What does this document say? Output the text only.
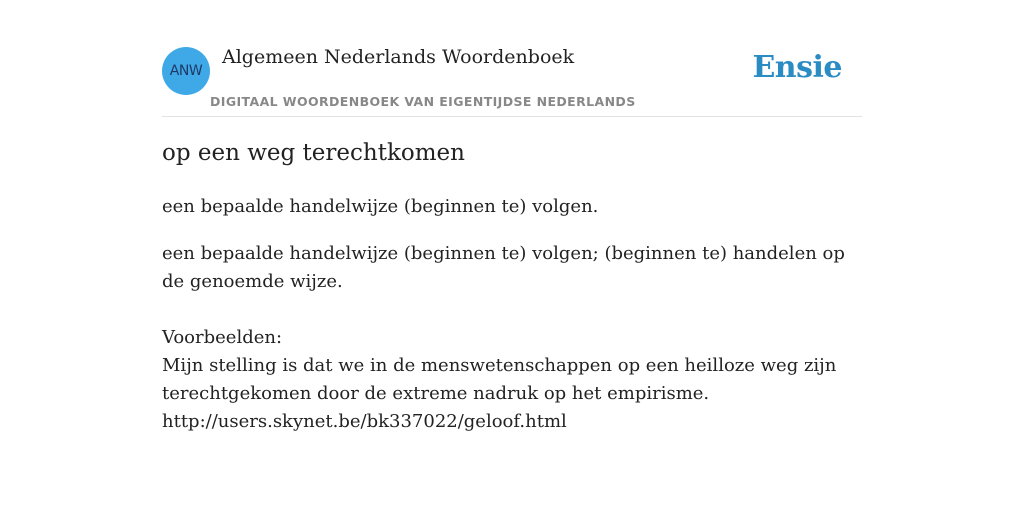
ANW
Algemeen Nederlands Woordenboek
DIGITAAL WOORDENBOEK VAN EIGENTIJDSE NEDERLANDS
Ensie
op een weg terechtkomen
een bepaalde handelwijze (beginnen te) volgen.
een bepaalde handelwijze (beginnen te) volgen; (beginnen te) handelen op de genoemde wijze.
Voorbeelden:
Mijn stelling is dat we in de menswetenschappen op een heilloze weg zijn terechtgekomen door de extreme nadruk op het empirisme.
http://users.skynet.be/bk337022/geloof.html
